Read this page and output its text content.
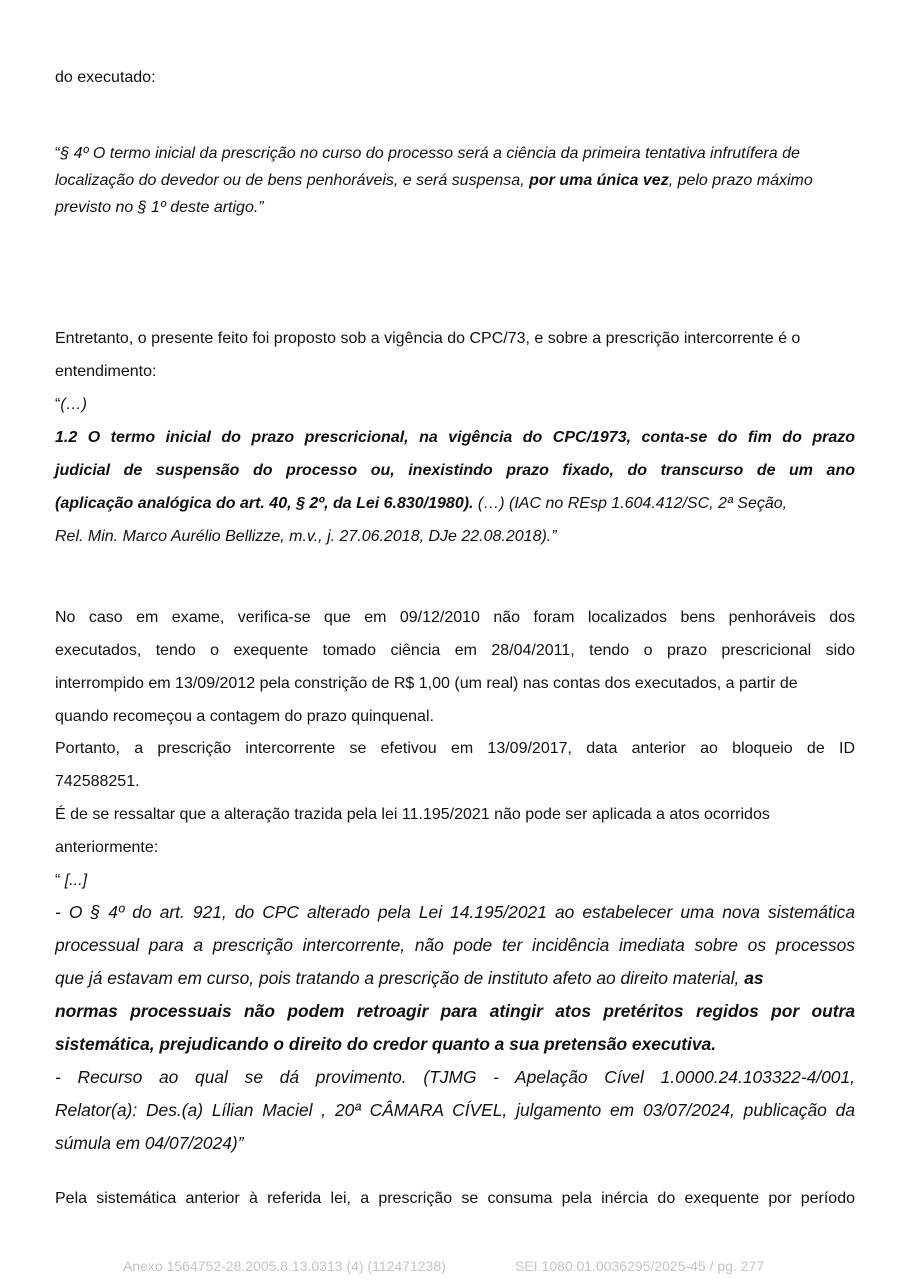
do executado:
“§ 4º O termo inicial da prescrição no curso do processo será a ciência da primeira tentativa infrutífera de
localização do devedor ou de bens penhoráveis, e será suspensa, por uma única vez, pelo prazo máximo
previsto no § 1º deste artigo.”
Entretanto, o presente feito foi proposto sob a vigência do CPC/73, e sobre a prescrição intercorrente é o
entendimento:
“(…)
1.2 O termo inicial do prazo prescricional, na vigência do CPC/1973, conta-se do fim do prazo
judicial de suspensão do processo ou, inexistindo prazo fixado, do transcurso de um ano
(aplicação analógica do art. 40, § 2º, da Lei 6.830/1980). (…) (IAC no REsp 1.604.412/SC, 2ª Seção,
Rel. Min. Marco Aurélio Bellizze, m.v., j. 27.06.2018, DJe 22.08.2018).”
No caso em exame, verifica-se que em 09/12/2010 não foram localizados bens penhoráveis dos
executados, tendo o exequente tomado ciência em 28/04/2011, tendo o prazo prescricional sido
interrompido em 13/09/2012 pela constrição de R$ 1,00 (um real) nas contas dos executados, a partir de
quando recomeçou a contagem do prazo quinquenal.
Portanto, a prescrição intercorrente se efetivou em 13/09/2017, data anterior ao bloqueio de ID
742588251.
É de se ressaltar que a alteração trazida pela lei 11.195/2021 não pode ser aplicada a atos ocorridos
anteriormente:
“ [...]
- O § 4º do art. 921, do CPC alterado pela Lei 14.195/2021 ao estabelecer uma nova sistemática
processual para a prescrição intercorrente, não pode ter incidência imediata sobre os processos
que já estavam em curso, pois tratando a prescrição de instituto afeto ao direito material, as
normas processuais não podem retroagir para atingir atos pretéritos regidos por outra
sistemática, prejudicando o direito do credor quanto a sua pretensão executiva.
- Recurso ao qual se dá provimento. (TJMG - Apelação Cível 1.0000.24.103322-4/001,
Relator(a): Des.(a) Lílian Maciel , 20ª CÂMARA CÍVEL, julgamento em 03/07/2024, publicação da
súmula em 04/07/2024)”
Pela sistemática anterior à referida lei, a prescrição se consuma pela inércia do exequente por período
Anexo 1564752-28.2005.8.13.0313 (4) (112471238)	SEI 1080.01.0036295/2025-45 / pg. 277
